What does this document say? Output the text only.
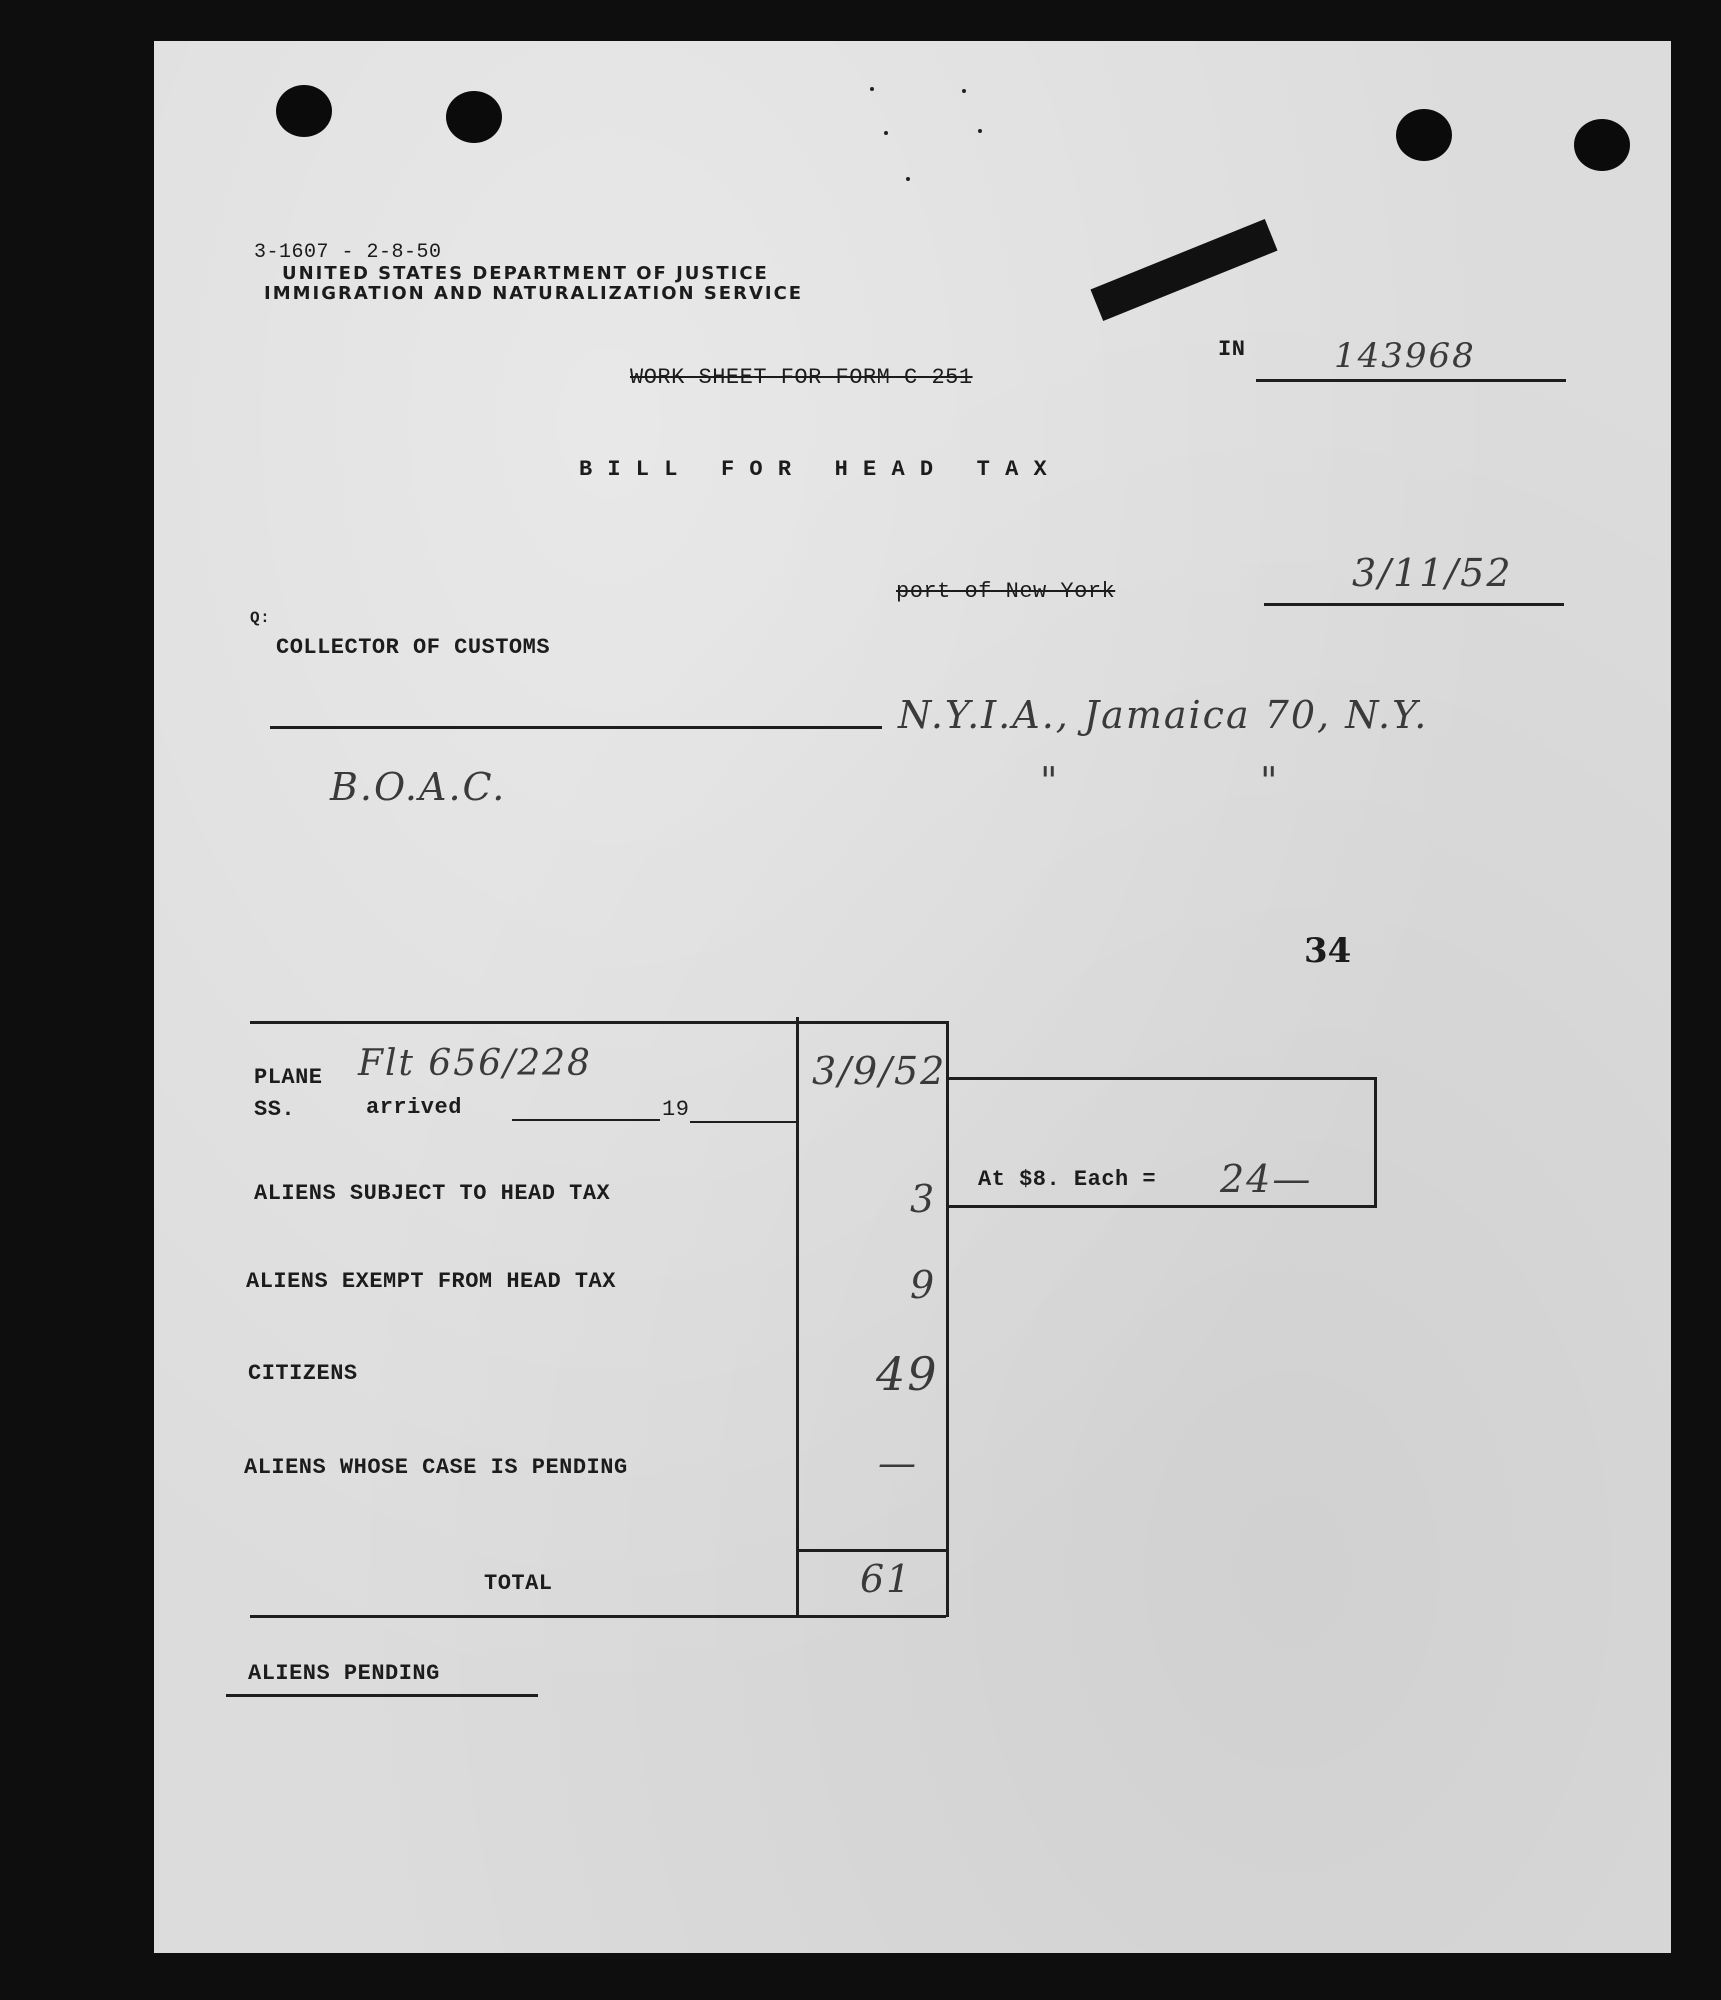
3-1607 - 2-8-50
UNITED STATES DEPARTMENT OF JUSTICE
IMMIGRATION AND NATURALIZATION SERVICE
IN	143968
WORK SHEET FOR FORM C-251
B I L L   F O R   H E A D   T A X
port of New York	3/11/52
Q:
COLLECTOR OF CUSTOMS
N.Y.I.A., Jamaica 70, N.Y.
B.O.A.C.	"	"
34
PLANE Flt 656/228
SS.	arrived	19
3/9/52
ALIENS SUBJECT TO HEAD TAX	3
ALIENS EXEMPT FROM HEAD TAX	9
CITIZENS	49
ALIENS WHOSE CASE IS PENDING	—
TOTAL	61
At $8. Each = 24—
ALIENS PENDING
